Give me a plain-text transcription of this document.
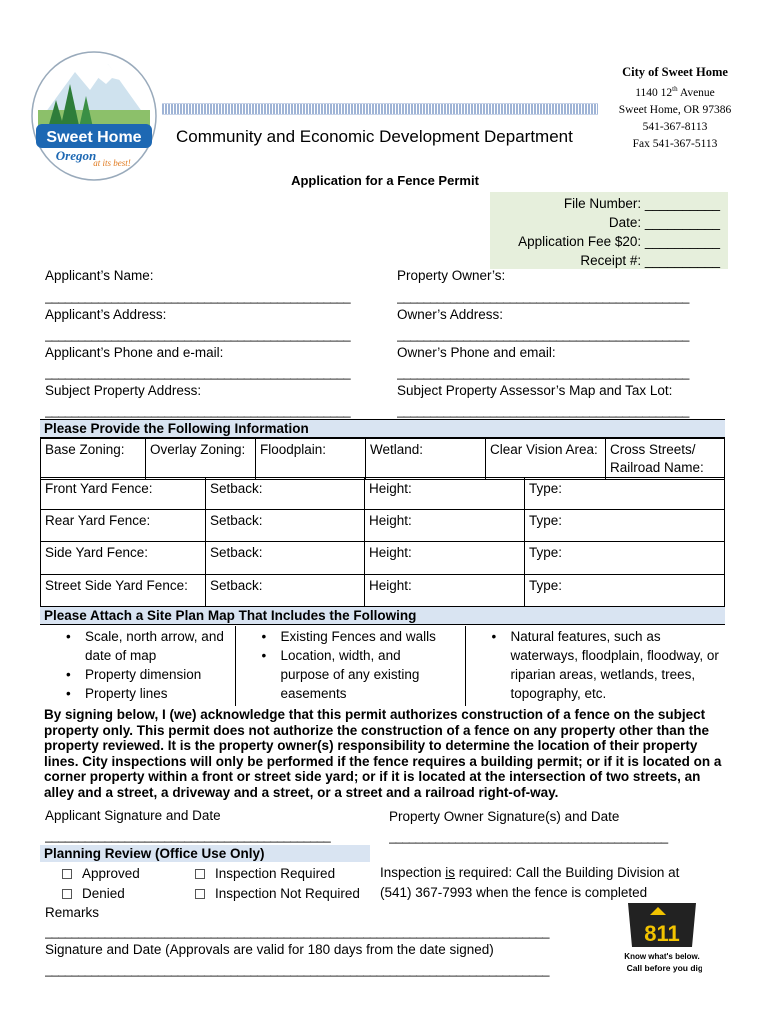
Sweet Home
Oregon
at its best!
Community and Economic Development Department
City of Sweet Home
1140 12th Avenue
Sweet Home, OR 97386
541-367-8113
Fax 541-367-5113
Application for a Fence Permit
File Number: __________
Date: __________
Application Fee $20: __________
Receipt #: __________
Applicant’s Name:	Property Owner’s:
______________________________________________	____________________________________________
Applicant’s Address:	Owner’s Address:
______________________________________________	____________________________________________
Applicant’s Phone and e-mail:	Owner’s Phone and email:
______________________________________________	____________________________________________
Subject Property Address:	Subject Property Assessor’s Map and Tax Lot:
______________________________________________	____________________________________________
Please Provide the Following Information
Base Zoning:	Overlay Zoning:	Floodplain:	Wetland:	Clear Vision Area:	Cross Streets/ Railroad Name:
Front Yard Fence:	Setback:	Height:	Type:
Rear Yard Fence:	Setback:	Height:	Type:
Side Yard Fence:	Setback:	Height:	Type:
Street Side Yard Fence:	Setback:	Height:	Type:
Please Attach a Site Plan Map That Includes the Following
• Scale, north arrow, and date of map
• Property dimension
• Property lines

• Existing Fences and walls
• Location, width, and purpose of any existing easements

• Natural features, such as waterways, floodplain, floodway, or riparian areas, wetlands, trees, topography, etc.
By signing below, I (we) acknowledge that this permit authorizes construction of a fence on the subject property only. This permit does not authorize the construction of a fence on any property other than the property reviewed. It is the property owner(s) responsibility to determine the location of their property lines. City inspections will only be performed if the fence requires a building permit; or if it is located on a corner property within a front or street side yard; or if it is located at the intersection of two streets, an alley and a street, a driveway and a street, or a street and a railroad right-of-way.
Applicant Signature and Date	Property Owner Signature(s) and Date
___________________________________________	__________________________________________
Planning Review (Office Use Only)
Approved
Denied
Inspection Required
Inspection Not Required
Inspection is required: Call the Building Division at
(541) 367-7993 when the fence is completed
Remarks
____________________________________________________________________________
Signature and Date (Approvals are valid for 180 days from the date signed)
____________________________________________________________________________
811
Know what's below.
Call before you dig.
